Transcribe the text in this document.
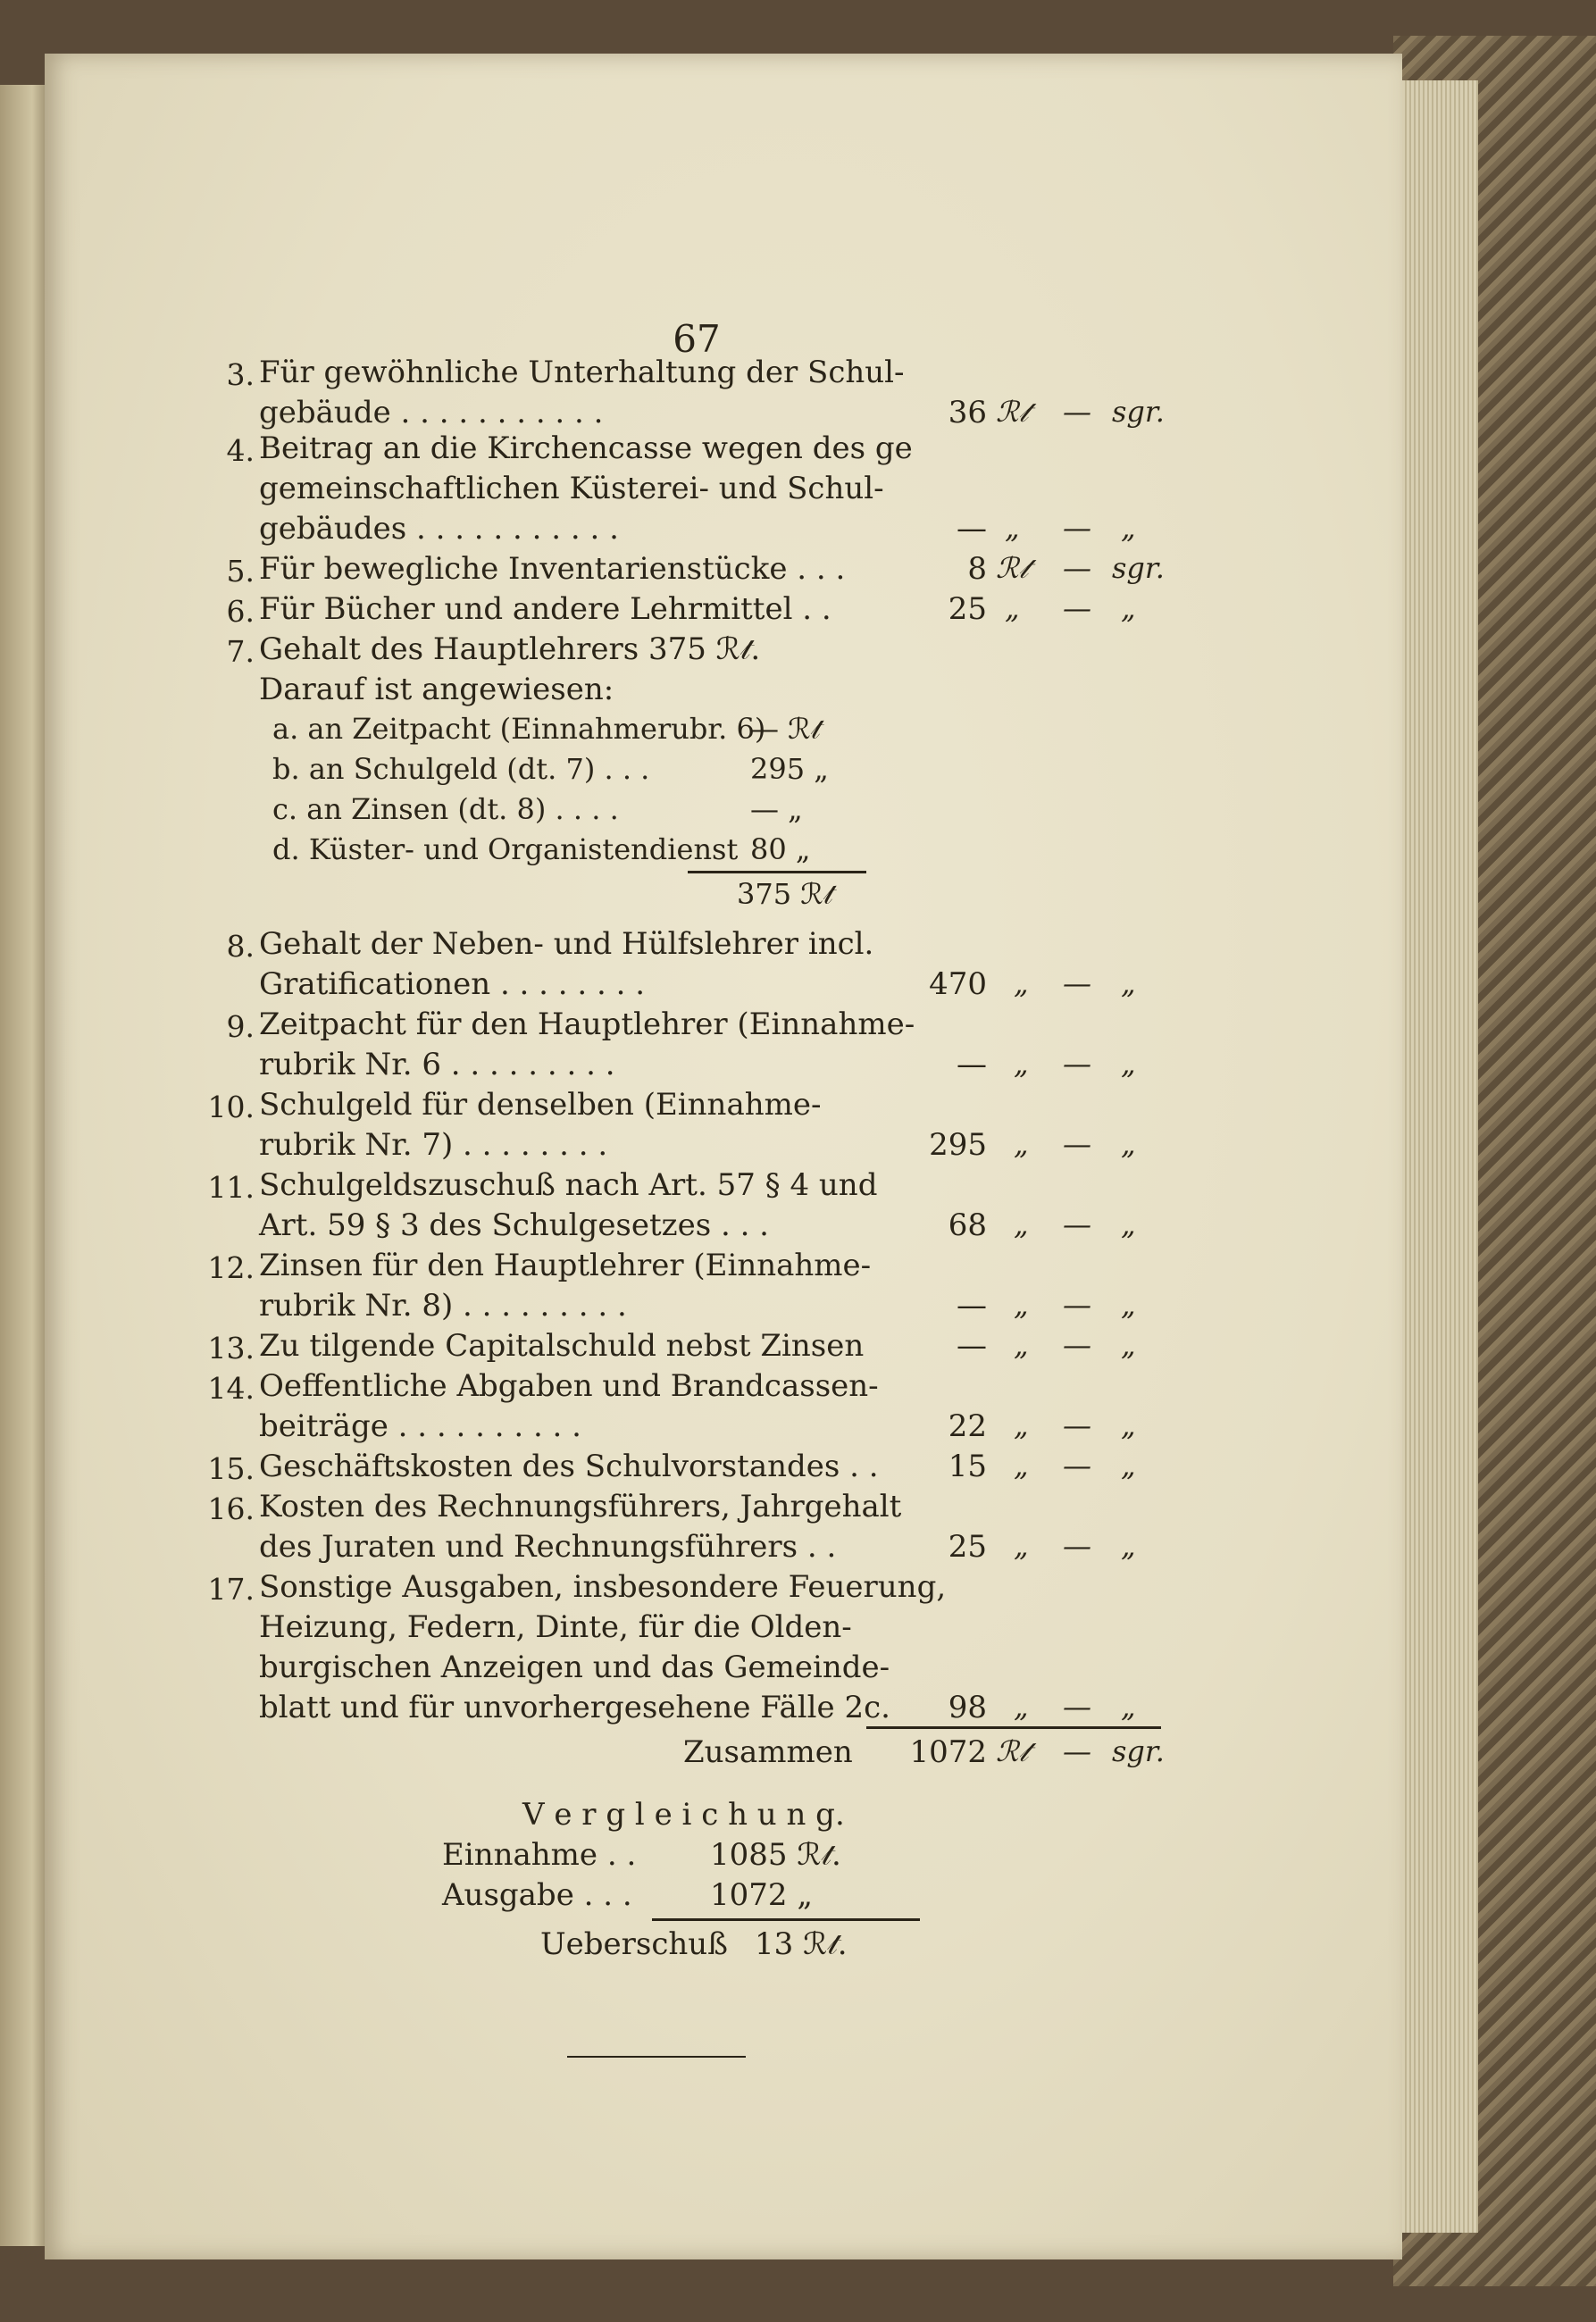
67
3. Für gewöhnliche Unterhaltung der Schul-
gebäude . . . . . . . . . . .	36 ℛ𝓉 — sgr.
4. Beitrag an die Kirchencasse wegen des ge
gemeinschaftlichen Küsterei- und Schul-
gebäudes . . . . . . . . . . .	— „ — „
5. Für bewegliche Inventarienstücke . . .	8 ℛ𝓉 — sgr.
6. Für Bücher und andere Lehrmittel . .	25 „ — „
7. Gehalt des Hauptlehrers 375 ℛ𝓉.
Darauf ist angewiesen:
a. an Zeitpacht (Einnahmerubr. 6)
— ℛ𝓉
b. an Schulgeld (dt. 7) . . .	295 „
c. an Zinsen (dt. 8) . . . .	— „
d. Küster- und Organistendienst 80 „
375 ℛ𝓉
8. Gehalt der Neben- und Hülfslehrer incl.
Gratificationen . . . . . . . .	470 „ — „
9. Zeitpacht für den Hauptlehrer (Einnahme-
rubrik Nr. 6 . . . . . . . . .	— „ — „
10. Schulgeld für denselben (Einnahme-
rubrik Nr. 7) . . . . . . . .	295 „ — „
11. Schulgeldszuschuß nach Art. 57 § 4 und
Art. 59 § 3 des Schulgesetzes . . .	68 „ — „
12. Zinsen für den Hauptlehrer (Einnahme-
rubrik Nr. 8) . . . . . . . . .	— „ — „
13. Zu tilgende Capitalschuld nebst Zinsen	— „ — „
14. Oeffentliche Abgaben und Brandcassen-
beiträge . . . . . . . . . .	22 „ — „
15. Geschäftskosten des Schulvorstandes . .	15 „ — „
16. Kosten des Rechnungsführers, Jahrgehalt
des Juraten und Rechnungsführers . .	25 „ — „
17. Sonstige Ausgaben, insbesondere Feuerung,
Heizung, Federn, Dinte, für die Olden-
burgischen Anzeigen und das Gemeinde-
blatt und für unvorhergesehene Fälle 2c.	98 „ — „
Zusammen	1072 ℛ𝓉 — sgr.
V e r g l e i c h u n g.
Einnahme . . 1085 ℛ𝓉.
Ausgabe . . .	1072 „
Ueberschuß 13 ℛ𝓉.
